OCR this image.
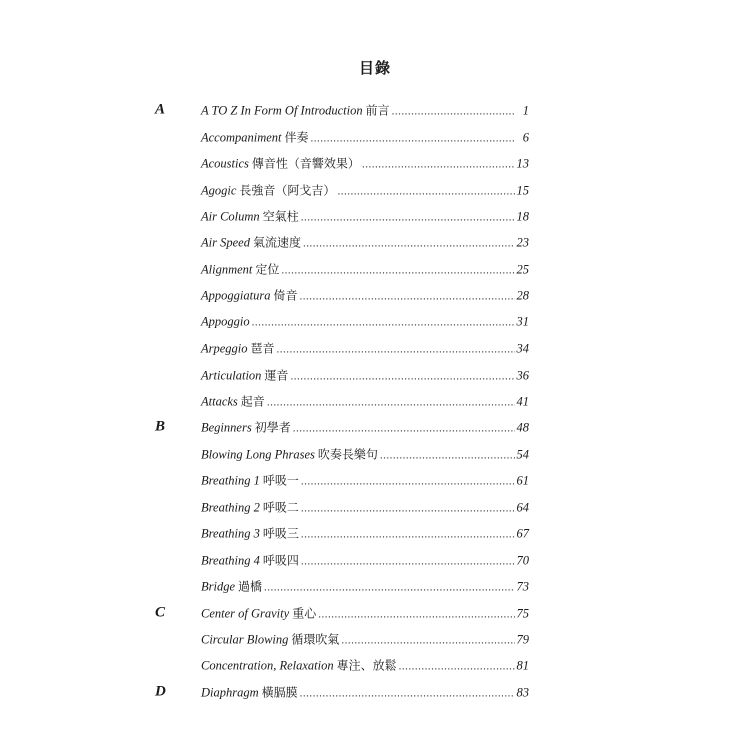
目錄
A	A TO Z In Form Of Introduction 前言 .....	1
Accompaniment 伴奏 .....	6
Acoustics 傳音性（音響效果） .....	13
Agogic 長強音（阿戈吉） .....	15
Air Column 空氣柱 .....	18
Air Speed 氣流速度 .....	23
Alignment 定位 .....	25
Appoggiatura 倚音 .....	28
Appoggio .....	31
Arpeggio 琶音 .....	34
Articulation 運音 .....	36
Attacks 起音 .....	41
B	Beginners 初學者 .....	48
Blowing Long Phrases 吹奏長樂句 .....	54
Breathing 1 呼吸一 .....	61
Breathing 2 呼吸二 .....	64
Breathing 3 呼吸三 .....	67
Breathing 4 呼吸四 .....	70
Bridge 過橋 .....	73
C	Center of Gravity 重心 .....	75
Circular Blowing 循環吹氣 .....	79
Concentration, Relaxation 專注、放鬆 .....	81
D	Diaphragm 橫膈膜 .....	83
